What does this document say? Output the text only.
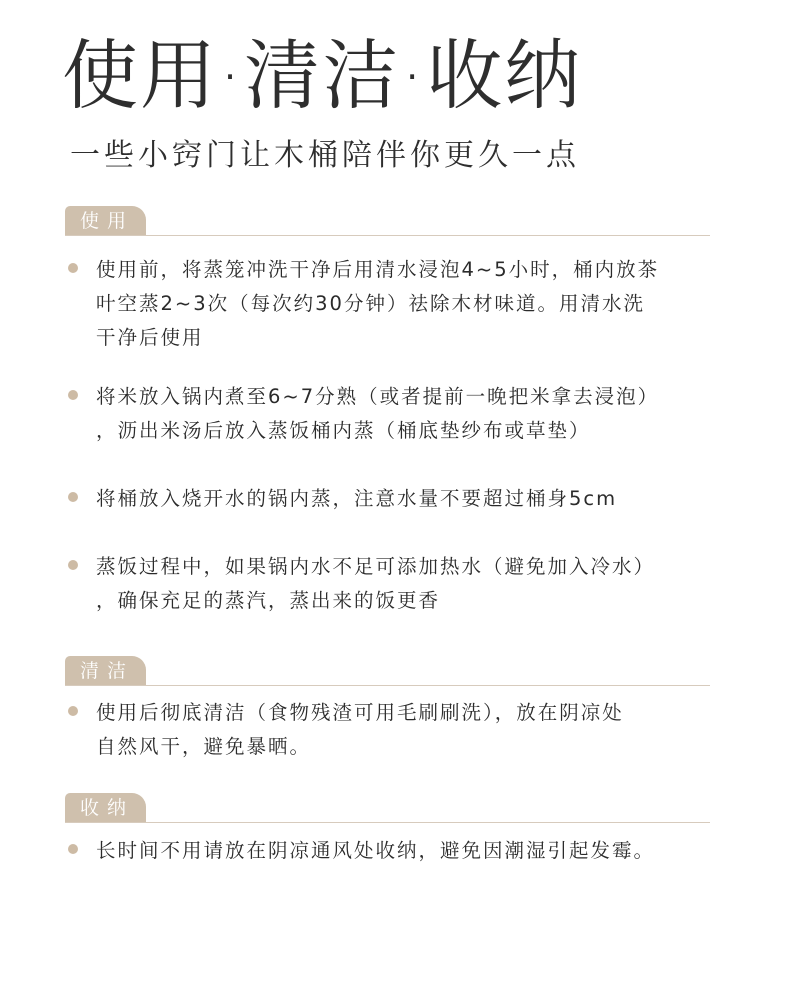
使用·清洁·收纳
一些小窍门让木桶陪伴你更久一点
使用
使用前，将蒸笼冲洗干净后用清水浸泡4~5小时，桶内放茶
叶空蒸2~3次（每次约30分钟）祛除木材味道。用清水洗
干净后使用
将米放入锅内煮至6~7分熟（或者提前一晚把米拿去浸泡）
，沥出米汤后放入蒸饭桶内蒸（桶底垫纱布或草垫）
将桶放入烧开水的锅内蒸，注意水量不要超过桶身5cm
蒸饭过程中，如果锅内水不足可添加热水（避免加入冷水）
，确保充足的蒸汽，蒸出来的饭更香
清洁
使用后彻底清洁（食物残渣可用毛刷刷洗），放在阴凉处
自然风干，避免暴晒。
收纳
长时间不用请放在阴凉通风处收纳，避免因潮湿引起发霉。
